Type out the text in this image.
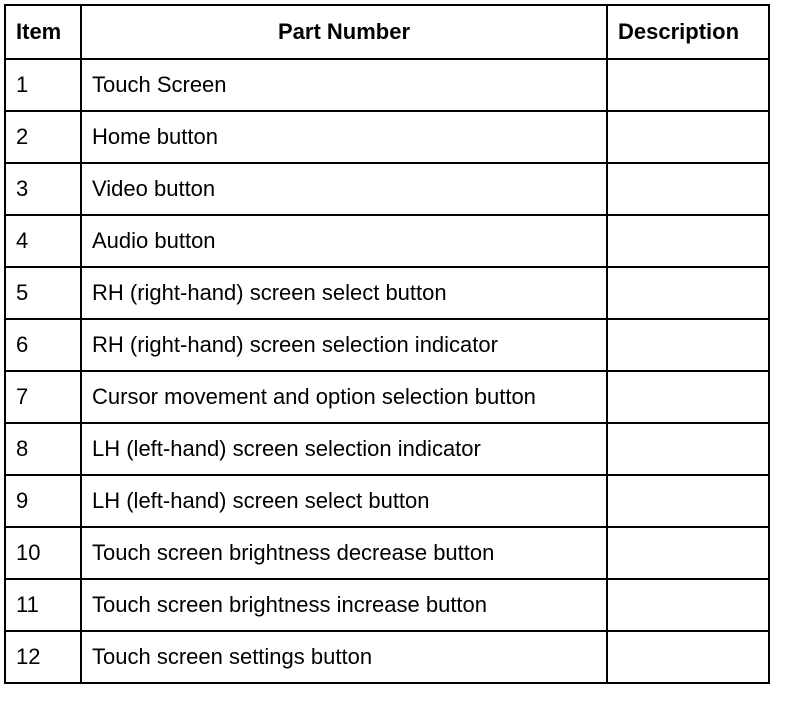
Item	Part Number	Description
1	Touch Screen	
2	Home button	
3	Video button	
4	Audio button	
5	RH (right-hand) screen select button	
6	RH (right-hand) screen selection indicator	
7	Cursor movement and option selection button	
8	LH (left-hand) screen selection indicator	
9	LH (left-hand) screen select button	
10	Touch screen brightness decrease button	
11	Touch screen brightness increase button	
12	Touch screen settings button	
